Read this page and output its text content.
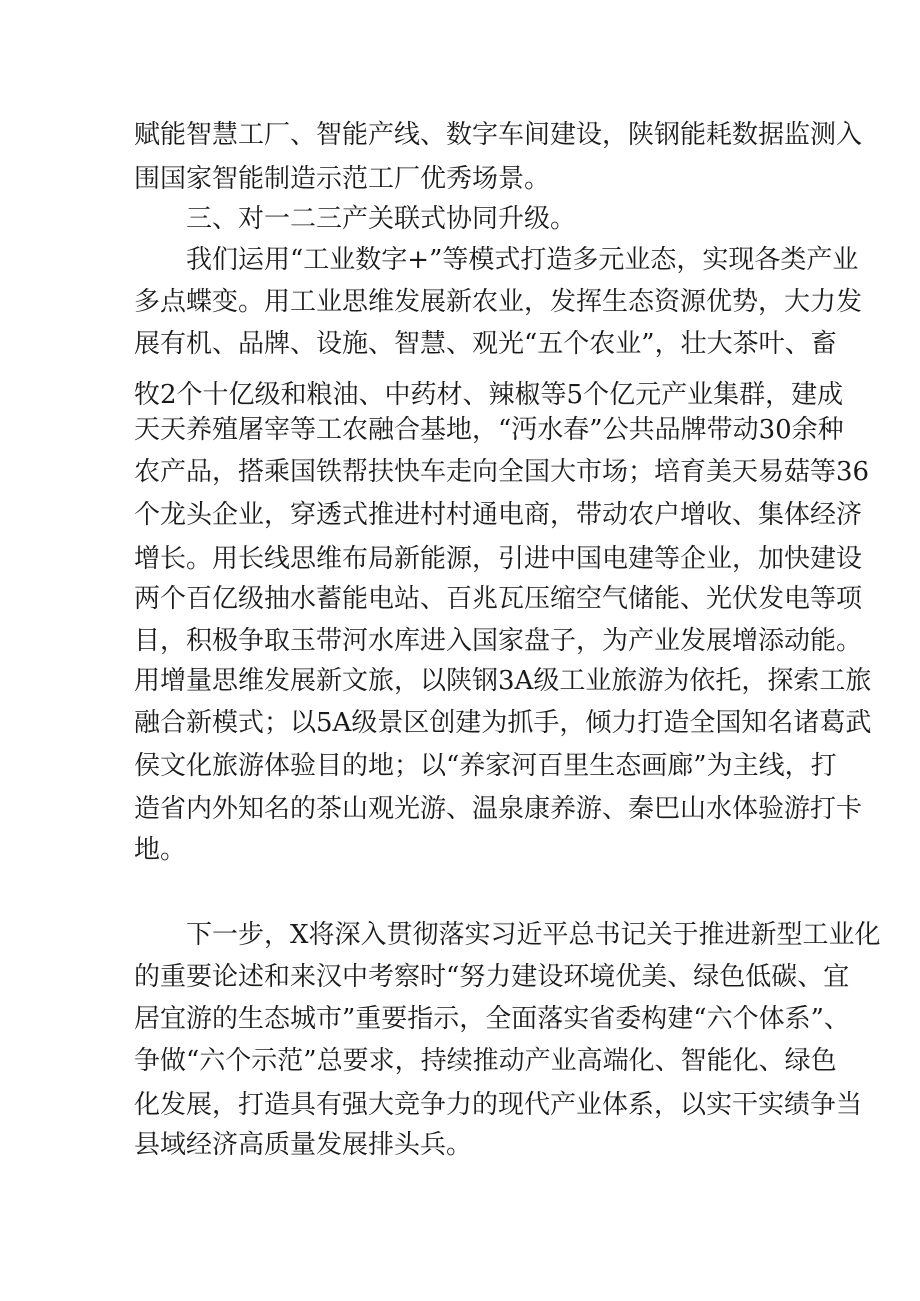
赋能智慧工厂、智能产线、数字车间建设，陕钢能耗数据监测入
围国家智能制造示范工厂优秀场景。
三、对一二三产关联式协同升级。
我们运用“工业数字+”等模式打造多元业态，实现各类产业
多点蝶变。用工业思维发展新农业，发挥生态资源优势，大力发
展有机、品牌、设施、智慧、观光“五个农业”，壮大茶叶、畜
牧2个十亿级和粮油、中药材、辣椒等5个亿元产业集群，建成
天天养殖屠宰等工农融合基地，“沔水春”公共品牌带动30余种
农产品，搭乘国铁帮扶快车走向全国大市场；培育美天易菇等36
个龙头企业，穿透式推进村村通电商，带动农户增收、集体经济
增长。用长线思维布局新能源，引进中国电建等企业，加快建设
两个百亿级抽水蓄能电站、百兆瓦压缩空气储能、光伏发电等项
目，积极争取玉带河水库进入国家盘子，为产业发展增添动能。
用增量思维发展新文旅，以陕钢3A级工业旅游为依托，探索工旅
融合新模式；以5A级景区创建为抓手，倾力打造全国知名诸葛武
侯文化旅游体验目的地；以“养家河百里生态画廊”为主线，打
造省内外知名的茶山观光游、温泉康养游、秦巴山水体验游打卡
地。
下一步，X将深入贯彻落实习近平总书记关于推进新型工业化
的重要论述和来汉中考察时“努力建设环境优美、绿色低碳、宜
居宜游的生态城市”重要指示，全面落实省委构建“六个体系”、
争做“六个示范”总要求，持续推动产业高端化、智能化、绿色
化发展，打造具有强大竞争力的现代产业体系，以实干实绩争当
县域经济高质量发展排头兵。
